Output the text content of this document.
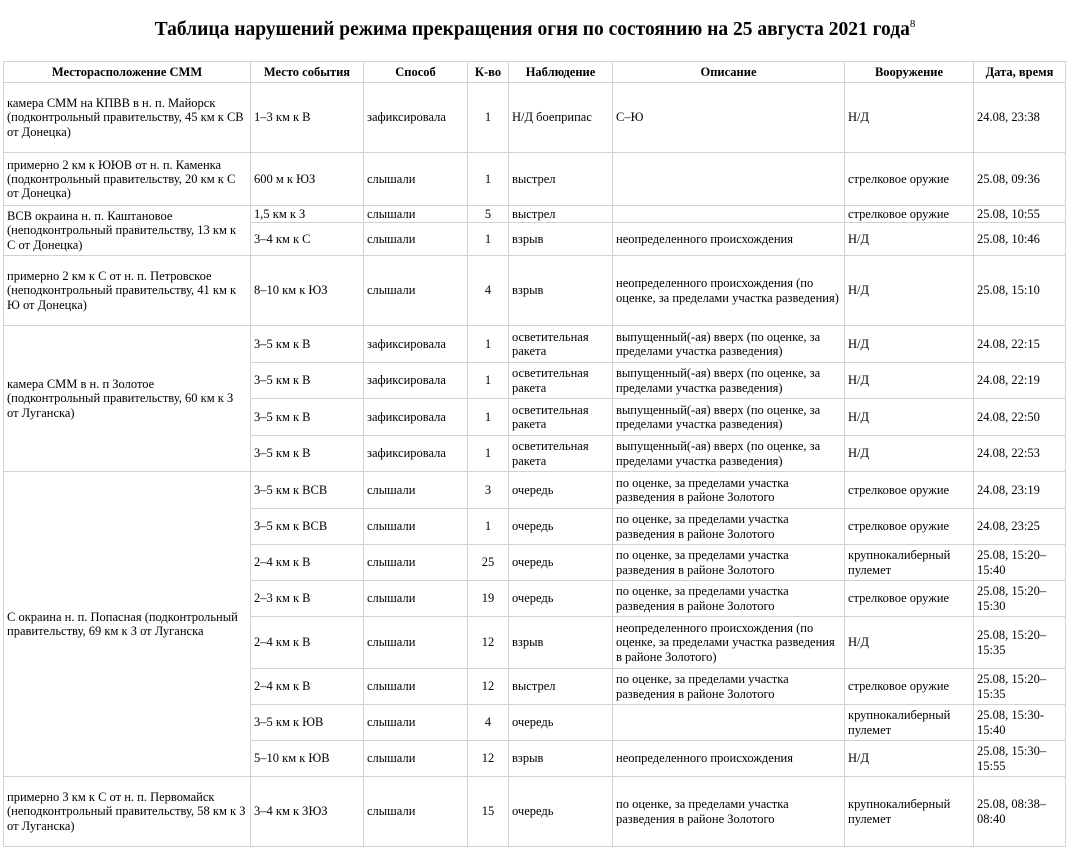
Таблица нарушений режима прекращения огня по состоянию на 25 августа 2021 года$^8$
Месторасположение СММ	Место события	Способ	К-во	Наблюдение	Описание	Вооружение	Дата, время
камера СММ на КПВВ в н. п. Майорск (подконтрольный правительству, 45 км к СВ от Донецка)	1–3 км к В	зафиксировала	1	Н/Д боеприпас	С–Ю	Н/Д	24.08, 23:38
примерно 2 км к ЮЮВ от н. п. Каменка (подконтрольный правительству, 20 км к С от Донецка)	600 м к ЮЗ	слышали	1	выстрел		стрелковое оружие	25.08, 09:36
ВСВ окраина н. п. Каштановое (неподконтрольный правительству, 13 км к С от Донецка)	1,5 км к З	слышали	5	выстрел		стрелковое оружие	25.08, 10:55
	3–4 км к С	слышали	1	взрыв	неопределенного происхождения	Н/Д	25.08, 10:46
примерно 2 км к С от н. п. Петровское (неподконтрольный правительству, 41 км к Ю от Донецка)	8–10 км к ЮЗ	слышали	4	взрыв	неопределенного происхождения (по оценке, за пределами участка разведения)	Н/Д	25.08, 15:10
камера СММ в н. п Золотое (подконтрольный правительству, 60 км к З от Луганска)	3–5 км к В	зафиксировала	1	осветительная ракета	выпущенный(-ая) вверх (по оценке, за пределами участка разведения)	Н/Д	24.08, 22:15
	3–5 км к В	зафиксировала	1	осветительная ракета	выпущенный(-ая) вверх (по оценке, за пределами участка разведения)	Н/Д	24.08, 22:19
	3–5 км к В	зафиксировала	1	осветительная ракета	выпущенный(-ая) вверх (по оценке, за пределами участка разведения)	Н/Д	24.08, 22:50
	3–5 км к В	зафиксировала	1	осветительная ракета	выпущенный(-ая) вверх (по оценке, за пределами участка разведения)	Н/Д	24.08, 22:53
С окраина н. п. Попасная (подконтрольный правительству, 69 км к З от Луганска	3–5 км к ВСВ	слышали	3	очередь	по оценке, за пределами участка разведения в районе Золотого	стрелковое оружие	24.08, 23:19
	3–5 км к ВСВ	слышали	1	очередь	по оценке, за пределами участка разведения в районе Золотого	стрелковое оружие	24.08, 23:25
	2–4 км к В	слышали	25	очередь	по оценке, за пределами участка разведения в районе Золотого	крупнокалиберный пулемет	25.08, 15:20–15:40
	2–3 км к В	слышали	19	очередь	по оценке, за пределами участка разведения в районе Золотого	стрелковое оружие	25.08, 15:20–15:30
	2–4 км к В	слышали	12	взрыв	неопределенного происхождения (по оценке, за пределами участка разведения в районе Золотого)	Н/Д	25.08, 15:20–15:35
	2–4 км к В	слышали	12	выстрел	по оценке, за пределами участка разведения в районе Золотого	стрелковое оружие	25.08, 15:20–15:35
	3–5 км к ЮВ	слышали	4	очередь		крупнокалиберный пулемет	25.08, 15:30-15:40
	5–10 км к ЮВ	слышали	12	взрыв	неопределенного происхождения	Н/Д	25.08, 15:30–15:55
примерно 3 км к С от н. п. Первомайск (неподконтрольный правительству, 58 км к З от Луганска)	3–4 км к ЗЮЗ	слышали	15	очередь	по оценке, за пределами участка разведения в районе Золотого	крупнокалиберный пулемет	25.08, 08:38–08:40
